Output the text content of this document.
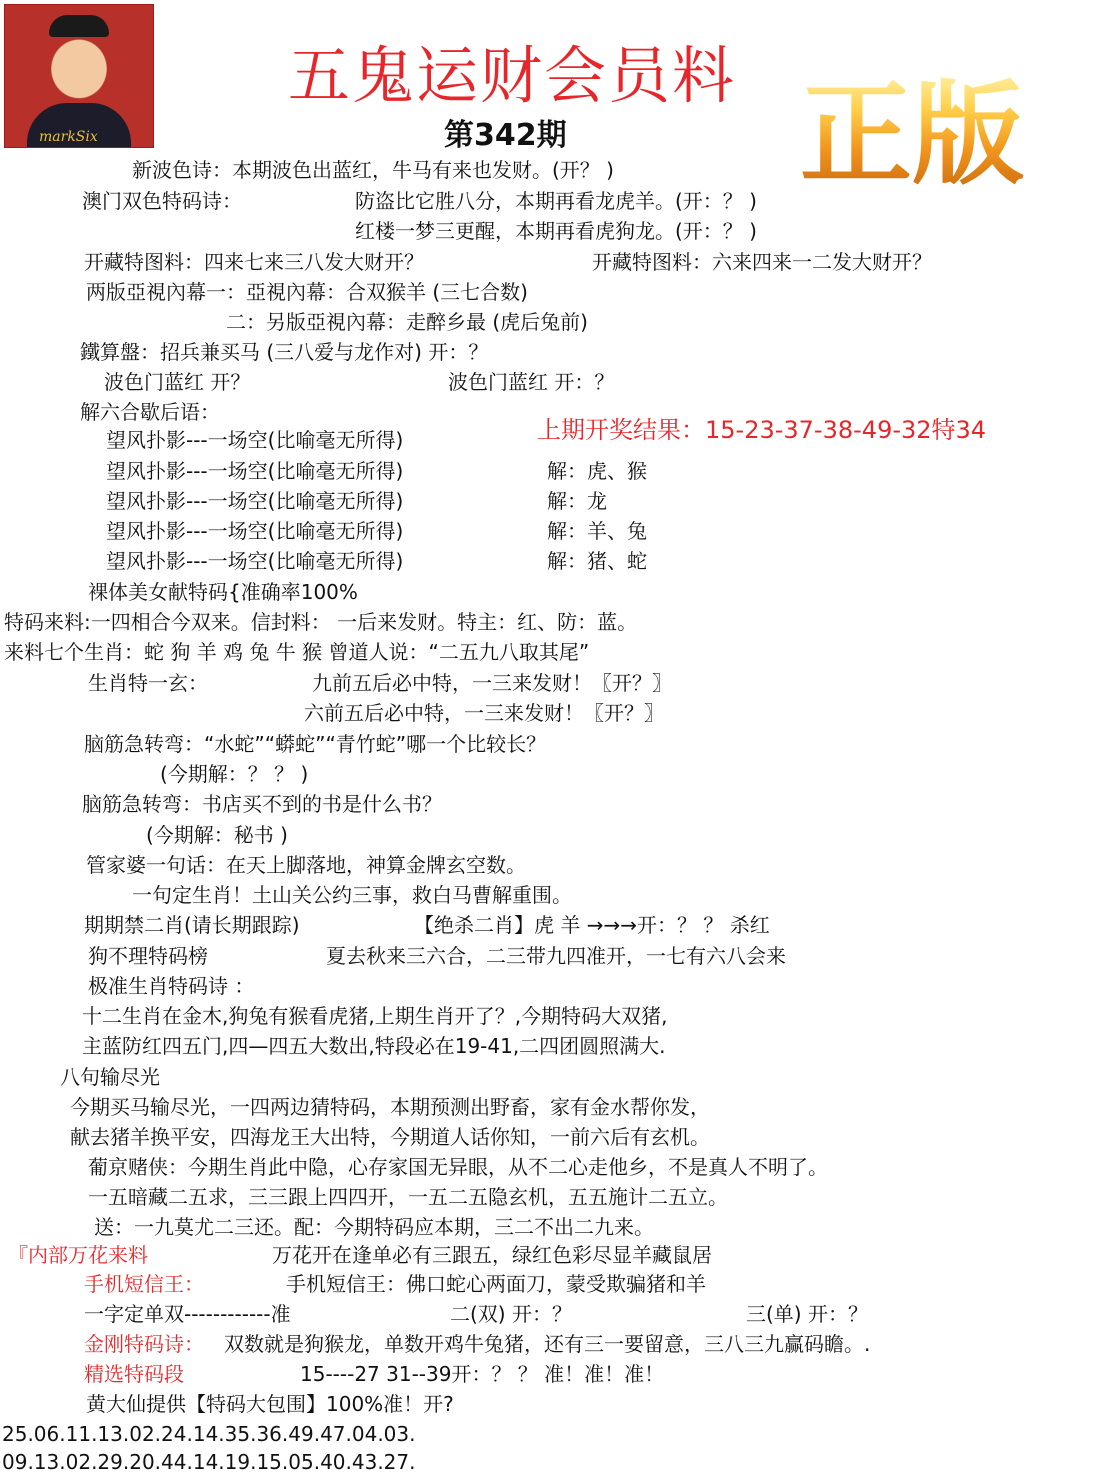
markSix
五鬼运财会员料
第342期 正版
新波色诗：本期波色出蓝红，牛马有来也发财。(开？ )
澳门双色特码诗：	防盗比它胜八分，本期再看龙虎羊。(开：？ )
红楼一梦三更醒，本期再看虎狗龙。(开：？ )
开藏特图料：四来七来三八发大财开？	开藏特图料：六来四来一二发大财开？
两版亞視內幕一：亞視內幕：合双猴羊 (三七合数)
二：另版亞視內幕：走醉乡最 (虎后兔前)
鐵算盤：招兵兼买马 (三八爱与龙作对) 开：？
波色门蓝红 开？	波色门蓝红 开：？
解六合歇后语：
上期开奖结果：15-23-37-38-49-32特34
望风扑影---一场空(比喻毫无所得)
望风扑影---一场空(比喻毫无所得)	解：虎、猴
望风扑影---一场空(比喻毫无所得)	解：龙
望风扑影---一场空(比喻毫无所得)	解：羊、兔
望风扑影---一场空(比喻毫无所得)	解：猪、蛇
裸体美女献特码{准确率100%
特码来料:一四相合今双来。信封料： 一后来发财。特主：红、防：蓝。
来料七个生肖：蛇 狗 羊 鸡 兔 牛 猴 曾道人说：“二五九八取其尾”
生肖特一玄：	九前五后必中特，一三来发财！〖开？〗
六前五后必中特，一三来发财！〖开？〗
脑筋急转弯：“水蛇”“蟒蛇”“青竹蛇”哪一个比较长？
(今期解：？ ？ )
脑筋急转弯：书店买不到的书是什么书？
(今期解：秘书 )
管家婆一句话：在天上脚落地，神算金牌玄空数。
一句定生肖！土山关公约三事，救白马曹解重围。
期期禁二肖(请长期跟踪)	【绝杀二肖】虎 羊 →→→开：？ ？ 杀红
狗不理特码榜	夏去秋来三六合，二三带九四准开，一七有六八会来
极准生肖特码诗 ：
十二生肖在金木,狗兔有猴看虎猪,上期生肖开了？,今期特码大双猪,
主蓝防红四五门,四—四五大数出,特段必在19-41,二四团圆照满大.
八句输尽光
今期买马输尽光，一四两边猜特码，本期预测出野畜，家有金水帮你发，
献去猪羊换平安，四海龙王大出特，今期道人话你知，一前六后有玄机。
葡京赌侠：今期生肖此中隐，心存家国无异眼，从不二心走他乡，不是真人不明了。
一五暗藏二五求，三三跟上四四开，一五二五隐玄机，五五施计二五立。
送：一九莫尤二三还。配：今期特码应本期，三二不出二九来。
『内部万花来料	万花开在逢单必有三跟五，绿红色彩尽显羊藏鼠居
手机短信王：	手机短信王：佛口蛇心两面刀，蒙受欺骗猪和羊
一字定单双------------准	二(双) 开：？	三(单) 开：？
金刚特码诗： 双数就是狗猴龙，单数开鸡牛兔猪，还有三一要留意，三八三九赢码瞻。.
精选特码段	15----27 31--39开：？ ？ 准！准！准！
黄大仙提供【特码大包围】100%准！开?
25.06.11.13.02.24.14.35.36.49.47.04.03.
09.13.02.29.20.44.14.19.15.05.40.43.27.
